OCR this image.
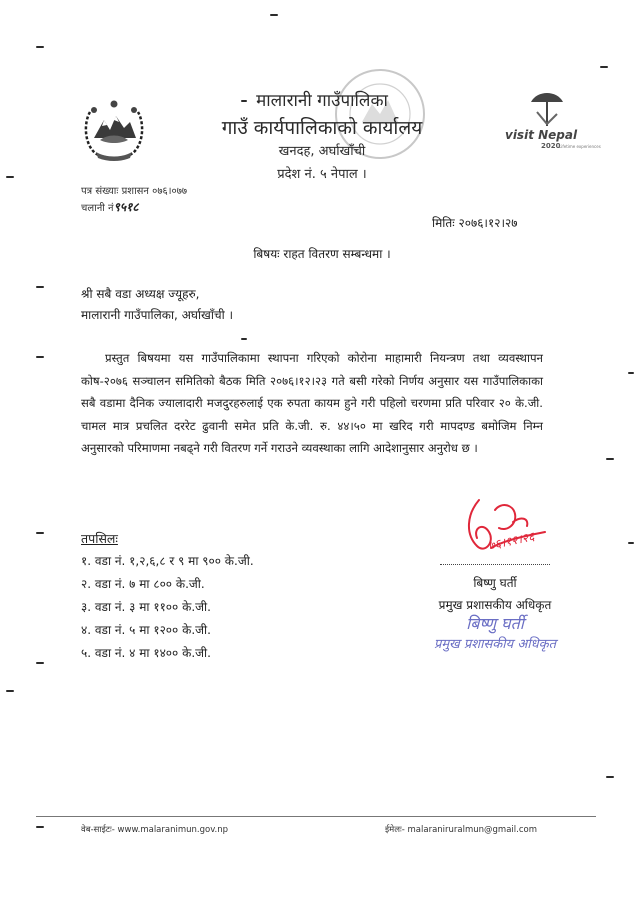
visit Nepal
2020
Lifetime experiences
मालारानी गाउँपालिका
गाउँ कार्यपालिकाको कार्यालय
खनदह, अर्घाखाँची
प्रदेश नं. ५ नेपाल ।
पत्र संख्याः प्रशासन ०७६।०७७
चलानी नं९५१८
मितिः २०७६।१२।२७
बिषयः राहत वितरण सम्बन्धमा ।
श्री सबै वडा अध्यक्ष ज्यूहरु,
मालारानी गाउँपालिका, अर्घाखाँची ।
प्रस्तुत बिषयमा यस गाउँपालिकामा स्थापना गरिएको कोरोना माहामारी नियन्त्रण तथा व्यवस्थापन कोष-२०७६ सञ्चालन समितिको बैठक मिति २०७६।१२।२३ गते बसी गरेको निर्णय अनुसार यस गाउँपालिकाका सबै वडामा दैनिक ज्यालादारी मजदुरहरुलाई एक रुपता कायम हुने गरी पहिलो चरणमा प्रति परिवार २० के.जी. चामल मात्र प्रचलित दररेट ढुवानी समेत प्रति के.जी. रु. ४४।५० मा खरिद गरी मापदण्ड बमोजिम निम्न अनुसारको परिमाणमा नबढ्ने गरी वितरण गर्ने गराउने व्यवस्थाका लागि आदेशानुसार अनुरोध छ ।
तपसिलः
१. वडा नं. १,२,६,८ र ९ मा ९०० के.जी.
२. वडा नं. ७ मा ८०० के.जी.
३. वडा नं. ३ मा ११०० के.जी.
४. वडा नं. ५ मा १२०० के.जी.
५. वडा नं. ४ मा १४०० के.जी.
७६।१२।२६
बिष्णु घर्ती
प्रमुख प्रशासकीय अधिकृत
बिष्णु घर्ती
प्रमुख प्रशासकीय अधिकृत
वेब-साईटः- www.malaranimun.gov.np	ईमेलः- malaraniruralmun@gmail.com
